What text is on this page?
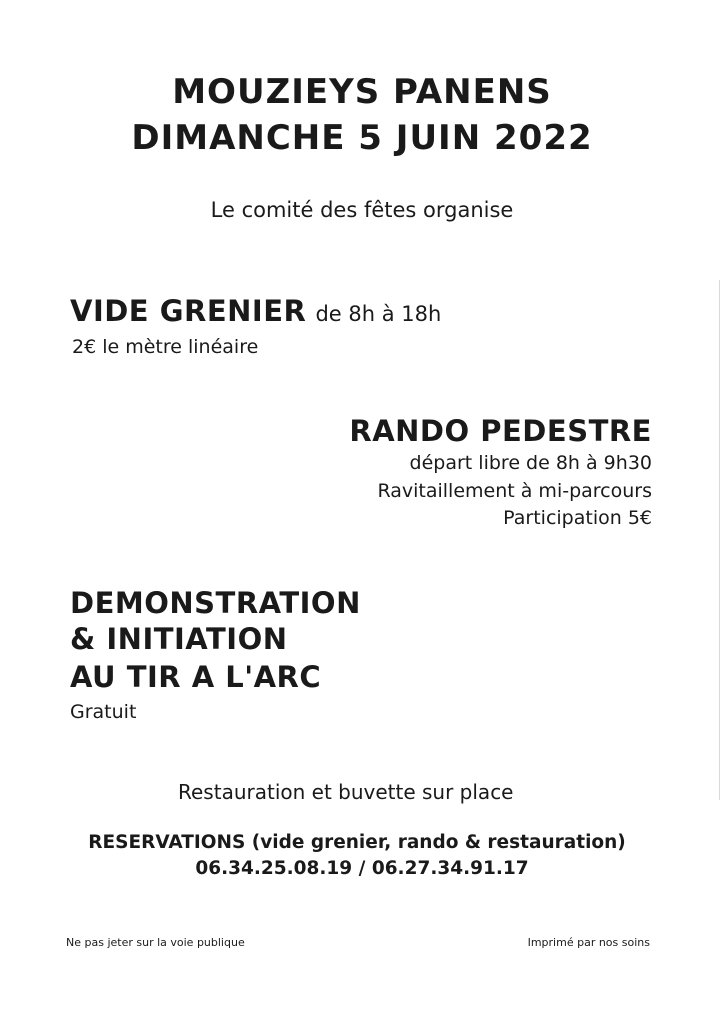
MOUZIEYS PANENS
DIMANCHE 5 JUIN 2022
Le comité des fêtes organise
VIDE GRENIER de 8h à 18h
2€ le mètre linéaire
RANDO PEDESTRE
départ libre de 8h à 9h30
Ravitaillement à mi-parcours
Participation 5€
DEMONSTRATION
& INITIATION
AU TIR A L'ARC
Gratuit
Restauration et buvette sur place
RESERVATIONS (vide grenier, rando & restauration)
06.34.25.08.19 / 06.27.34.91.17
Ne pas jeter sur la voie publique	Imprimé par nos soins
